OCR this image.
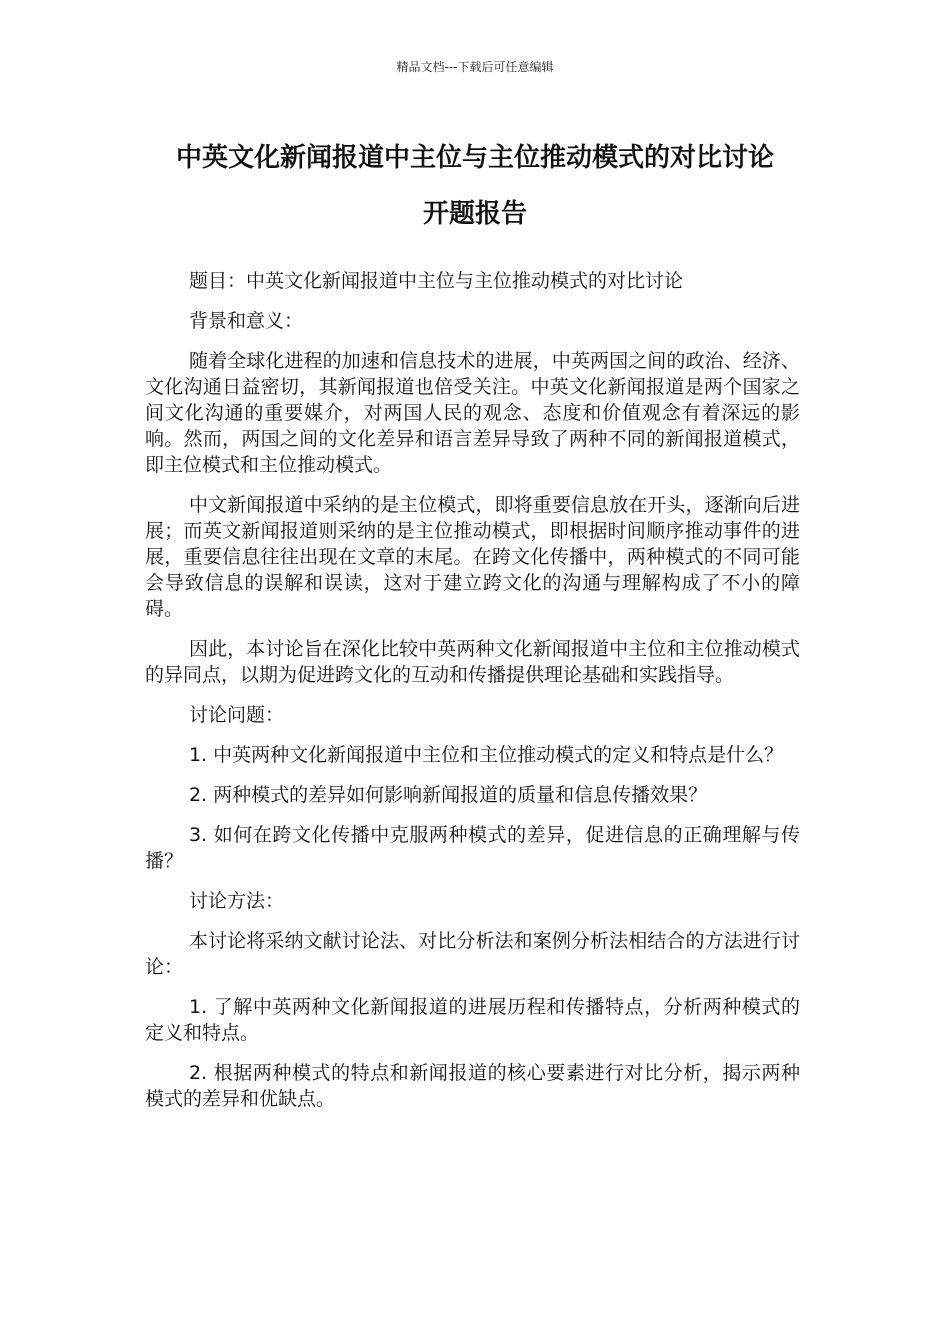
精品文档---下载后可任意编辑
中英文化新闻报道中主位与主位推动模式的对比讨论
开题报告

题目：中英文化新闻报道中主位与主位推动模式的对比讨论

背景和意义：

随着全球化进程的加速和信息技术的进展，中英两国之间的政治、经济、文化沟通日益密切，其新闻报道也倍受关注。中英文化新闻报道是两个国家之间文化沟通的重要媒介，对两国人民的观念、态度和价值观念有着深远的影响。然而，两国之间的文化差异和语言差异导致了两种不同的新闻报道模式，即主位模式和主位推动模式。

中文新闻报道中采纳的是主位模式，即将重要信息放在开头，逐渐向后进展；而英文新闻报道则采纳的是主位推动模式，即根据时间顺序推动事件的进展，重要信息往往出现在文章的末尾。在跨文化传播中，两种模式的不同可能会导致信息的误解和误读，这对于建立跨文化的沟通与理解构成了不小的障碍。

因此，本讨论旨在深化比较中英两种文化新闻报道中主位和主位推动模式的异同点，以期为促进跨文化的互动和传播提供理论基础和实践指导。

讨论问题：

1. 中英两种文化新闻报道中主位和主位推动模式的定义和特点是什么？

2. 两种模式的差异如何影响新闻报道的质量和信息传播效果？

3. 如何在跨文化传播中克服两种模式的差异，促进信息的正确理解与传播？

讨论方法：

本讨论将采纳文献讨论法、对比分析法和案例分析法相结合的方法进行讨论：

1. 了解中英两种文化新闻报道的进展历程和传播特点，分析两种模式的定义和特点。

2. 根据两种模式的特点和新闻报道的核心要素进行对比分析，揭示两种模式的差异和优缺点。
